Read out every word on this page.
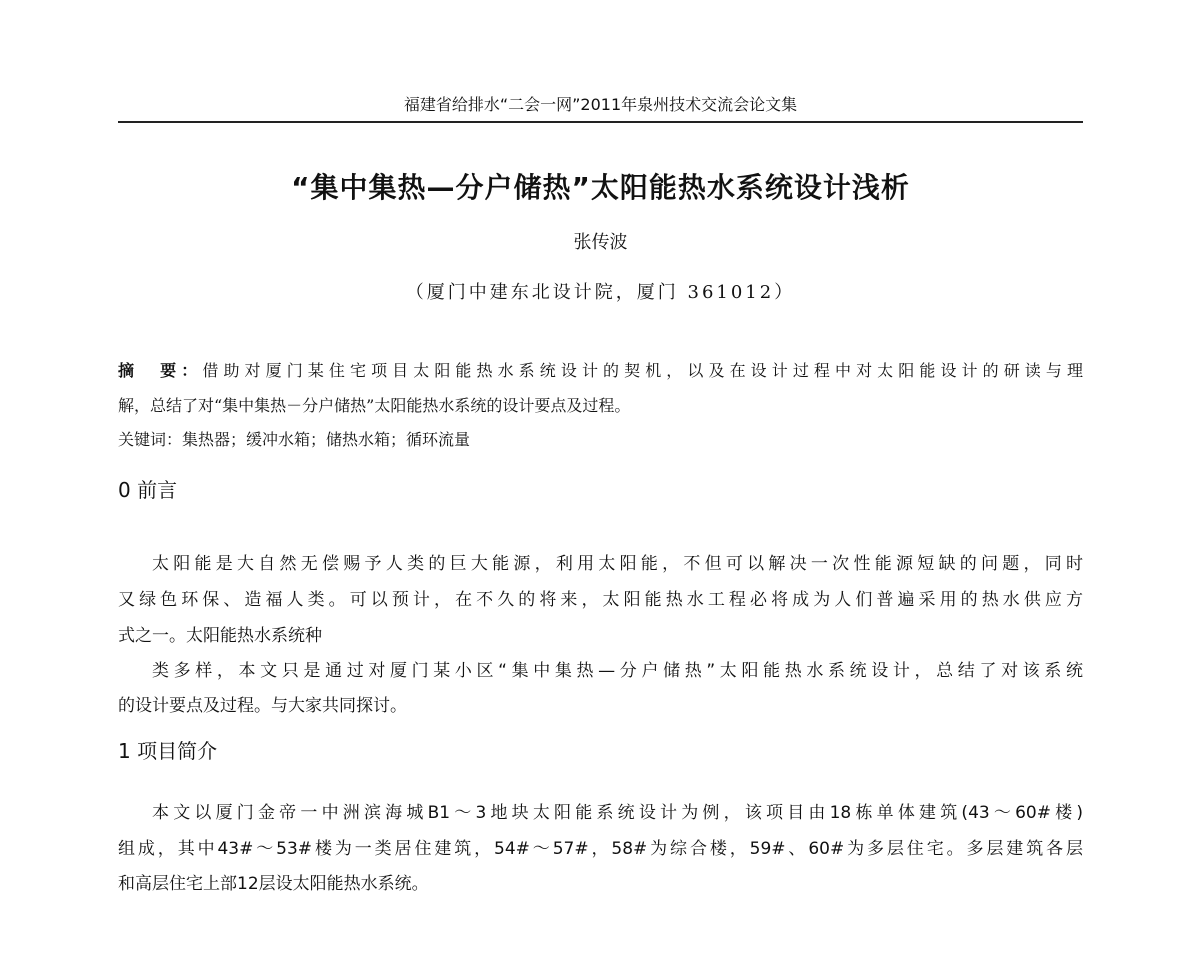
福建省给排水“二会一网”2011年泉州技术交流会论文集
“集中集热—分户储热”太阳能热水系统设计浅析
张传波
（厦门中建东北设计院，厦门 361012）
摘　要：借助对厦门某住宅项目太阳能热水系统设计的契机，以及在设计过程中对太阳能设计的研读与理
解，总结了对“集中集热－分户储热”太阳能热水系统的设计要点及过程。
关键词：集热器；缓冲水箱；储热水箱；循环流量
0 前言
太阳能是大自然无偿赐予人类的巨大能源，利用太阳能，不但可以解决一次性能源短缺的问题，同时
又绿色环保、造福人类。可以预计，在不久的将来，太阳能热水工程必将成为人们普遍采用的热水供应方
式之一。太阳能热水系统种
类多样，本文只是通过对厦门某小区“集中集热—分户储热”太阳能热水系统设计，总结了对该系统
的设计要点及过程。与大家共同探讨。
1 项目简介
本文以厦门金帝一中洲滨海城B1～3地块太阳能系统设计为例，该项目由18栋单体建筑(43～60#楼)
组成，其中43#～53#楼为一类居住建筑，54#～57#，58#为综合楼，59#、60#为多层住宅。多层建筑各层
和高层住宅上部12层设太阳能热水系统。
